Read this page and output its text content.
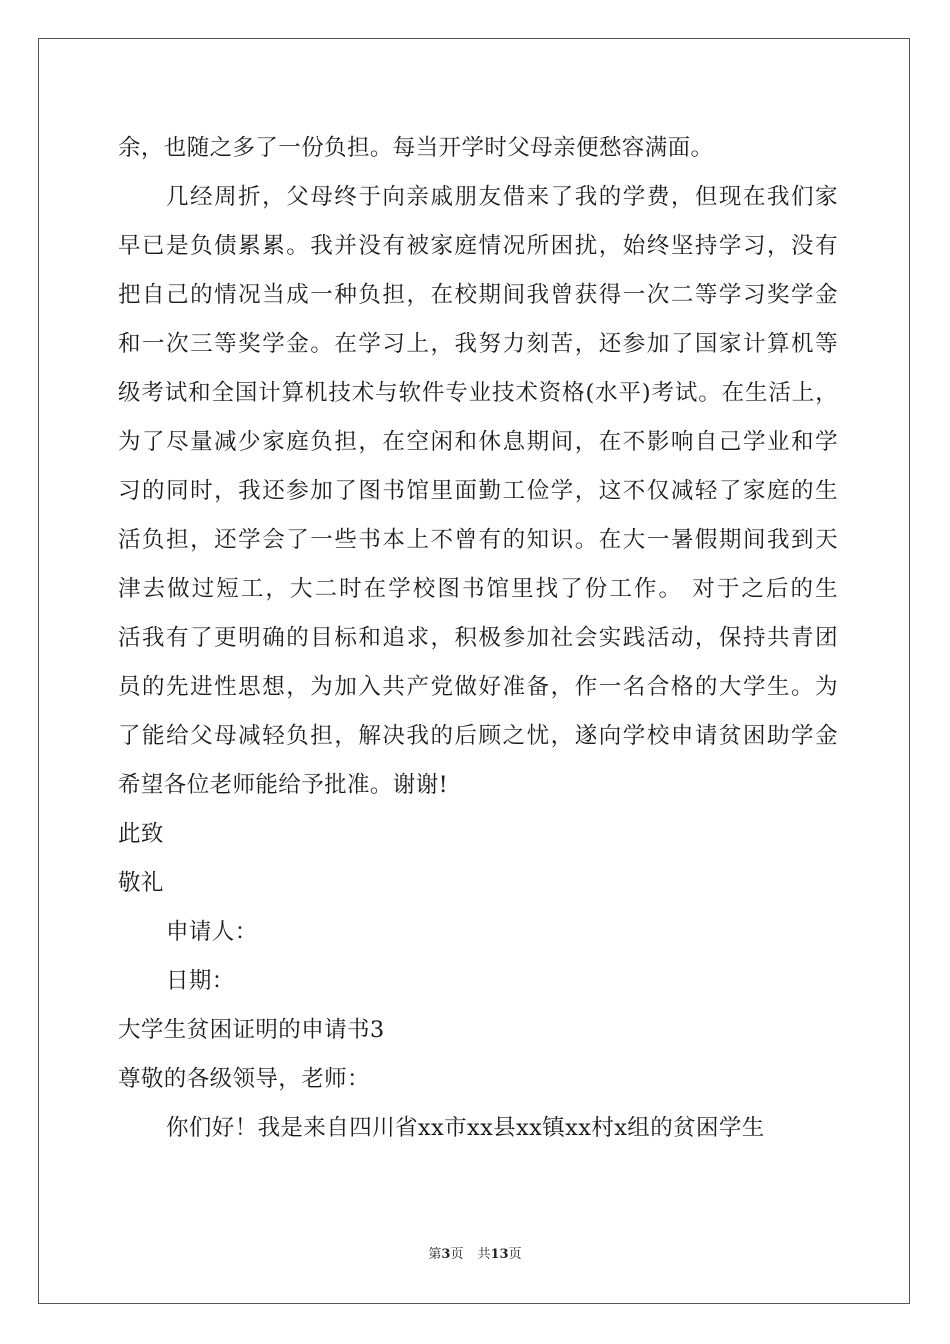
余，也随之多了一份负担。每当开学时父母亲便愁容满面。
几经周折，父母终于向亲戚朋友借来了我的学费，但现在我们家
早已是负债累累。我并没有被家庭情况所困扰，始终坚持学习，没有
把自己的情况当成一种负担，在校期间我曾获得一次二等学习奖学金
和一次三等奖学金。在学习上，我努力刻苦，还参加了国家计算机等
级考试和全国计算机技术与软件专业技术资格(水平)考试。在生活上，
为了尽量减少家庭负担，在空闲和休息期间，在不影响自己学业和学
习的同时，我还参加了图书馆里面勤工俭学，这不仅减轻了家庭的生
活负担，还学会了一些书本上不曾有的知识。在大一暑假期间我到天
津去做过短工，大二时在学校图书馆里找了份工作。 对于之后的生
活我有了更明确的目标和追求，积极参加社会实践活动，保持共青团
员的先进性思想，为加入共产党做好准备，作一名合格的大学生。为
了能给父母减轻负担，解决我的后顾之忧，遂向学校申请贫困助学金
希望各位老师能给予批准。谢谢!
此致
敬礼
申请人：
日期：
大学生贫困证明的申请书3
尊敬的各级领导，老师：
你们好！我是来自四川省xx市xx县xx镇xx村x组的贫困学生
第3页 共13页
